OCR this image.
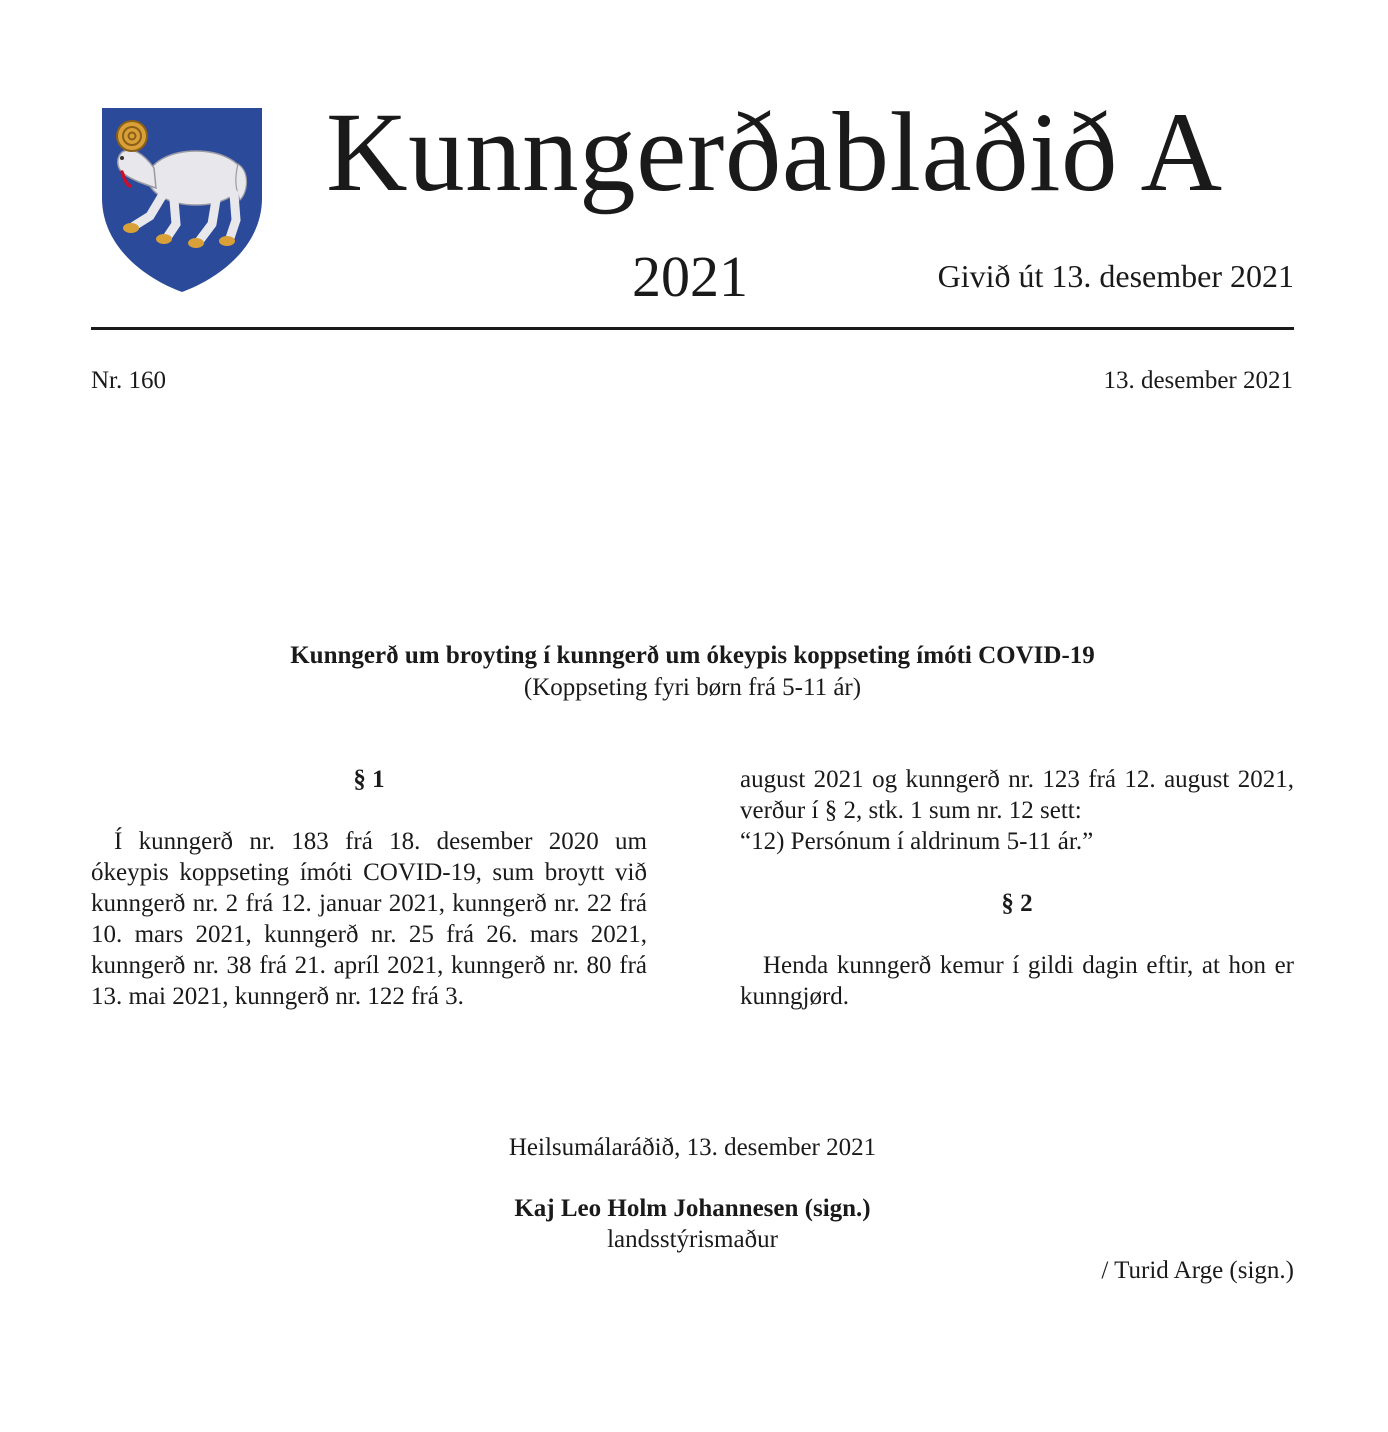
Kunngerðablaðið A
2021	Givið út 13. desember 2021
Nr. 160	13. desember 2021
Kunngerð um broyting í kunngerð um ókeypis koppseting ímóti COVID-19
(Koppseting fyri børn frá 5-11 ár)

§ 1

Í kunngerð nr. 183 frá 18. desember 2020 um ókeypis koppseting ímóti COVID-19, sum broytt við kunngerð nr. 2 frá 12. januar 2021, kunngerð nr. 22 frá 10. mars 2021, kunngerð nr. 25 frá 26. mars 2021, kunngerð nr. 38 frá 21. apríl 2021, kunngerð nr. 80 frá 13. mai 2021, kunngerð nr. 122 frá 3.

august 2021 og kunngerð nr. 123 frá 12. august 2021, verður í § 2, stk. 1 sum nr. 12 sett:

“12) Persónum í aldrinum 5-11 ár.”

§ 2

Henda kunngerð kemur í gildi dagin eftir, at hon er kunngjørd.

Heilsumálaráðið, 13. desember 2021
Kaj Leo Holm Johannesen (sign.)
landsstýrismaður
/ Turid Arge (sign.)
